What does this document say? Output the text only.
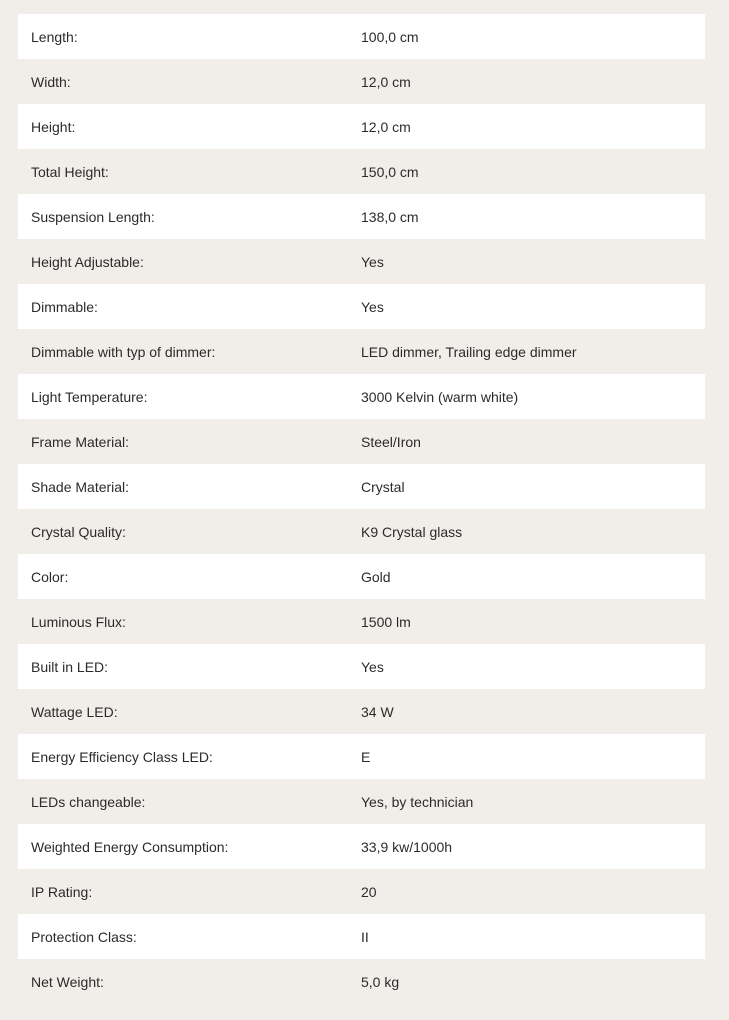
Length:	100,0 cm
Width:	12,0 cm
Height:	12,0 cm
Total Height:	150,0 cm
Suspension Length:	138,0 cm
Height Adjustable:	Yes
Dimmable:	Yes
Dimmable with typ of dimmer:	LED dimmer, Trailing edge dimmer
Light Temperature:	3000 Kelvin (warm white)
Frame Material:	Steel/Iron
Shade Material:	Crystal
Crystal Quality:	K9 Crystal glass
Color:	Gold
Luminous Flux:	1500 lm
Built in LED:	Yes
Wattage LED:	34 W
Energy Efficiency Class LED:	E
LEDs changeable:	Yes, by technician
Weighted Energy Consumption:	33,9 kw/1000h
IP Rating:	20
Protection Class:	II
Net Weight:	5,0 kg
